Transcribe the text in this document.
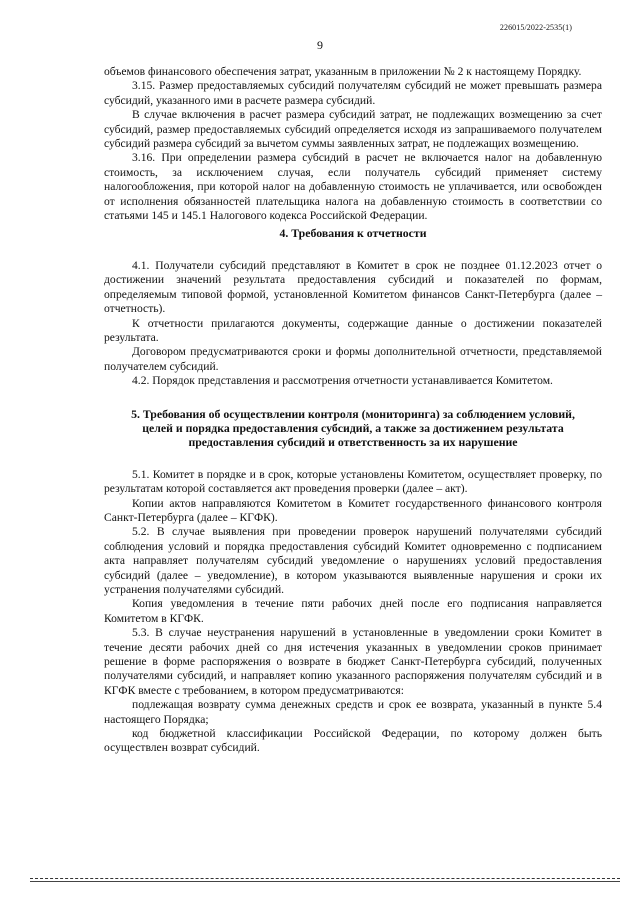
226015/2022-2535(1)
9

объемов финансового обеспечения затрат, указанным в приложении № 2 к настоящему Порядку.

3.15. Размер предоставляемых субсидий получателям субсидий не может превышать размера субсидий, указанного ими в расчете размера субсидий.

В случае включения в расчет размера субсидий затрат, не подлежащих возмещению за счет субсидий, размер предоставляемых субсидий определяется исходя из запрашиваемого получателем субсидий размера субсидий за вычетом суммы заявленных затрат, не подлежащих возмещению.

3.16. При определении размера субсидий в расчет не включается налог на добавленную стоимость, за исключением случая, если получатель субсидий применяет систему налогообложения, при которой налог на добавленную стоимость не уплачивается, или освобожден от исполнения обязанностей плательщика налога на добавленную стоимость в соответствии со статьями 145 и 145.1 Налогового кодекса Российской Федерации.

4. Требования к отчетности

4.1. Получатели субсидий представляют в Комитет в срок не позднее 01.12.2023 отчет о достижении значений результата предоставления субсидий и показателей по формам, определяемым типовой формой, установленной Комитетом финансов Санкт-Петербурга (далее – отчетность).

К отчетности прилагаются документы, содержащие данные о достижении показателей результата.

Договором предусматриваются сроки и формы дополнительной отчетности, представляемой получателем субсидий.

4.2. Порядок представления и рассмотрения отчетности устанавливается Комитетом.

5. Требования об осуществлении контроля (мониторинга) за соблюдением условий,
целей и порядка предоставления субсидий, а также за достижением результата
предоставления субсидий и ответственность за их нарушение

5.1. Комитет в порядке и в срок, которые установлены Комитетом, осуществляет проверку, по результатам которой составляется акт проведения проверки (далее – акт).

Копии актов направляются Комитетом в Комитет государственного финансового контроля Санкт-Петербурга (далее – КГФК).

5.2. В случае выявления при проведении проверок нарушений получателями субсидий соблюдения условий и порядка предоставления субсидий Комитет одновременно с подписанием акта направляет получателям субсидий уведомление о нарушениях условий предоставления субсидий (далее – уведомление), в котором указываются выявленные нарушения и сроки их устранения получателями субсидий.

Копия уведомления в течение пяти рабочих дней после его подписания направляется Комитетом в КГФК.

5.3. В случае неустранения нарушений в установленные в уведомлении сроки Комитет в течение десяти рабочих дней со дня истечения указанных в уведомлении сроков принимает решение в форме распоряжения о возврате в бюджет Санкт-Петербурга субсидий, полученных получателями субсидий, и направляет копию указанного распоряжения получателям субсидий и в КГФК вместе с требованием, в котором предусматриваются:

подлежащая возврату сумма денежных средств и срок ее возврата, указанный в пункте 5.4 настоящего Порядка;

код бюджетной классификации Российской Федерации, по которому должен быть осуществлен возврат субсидий.
